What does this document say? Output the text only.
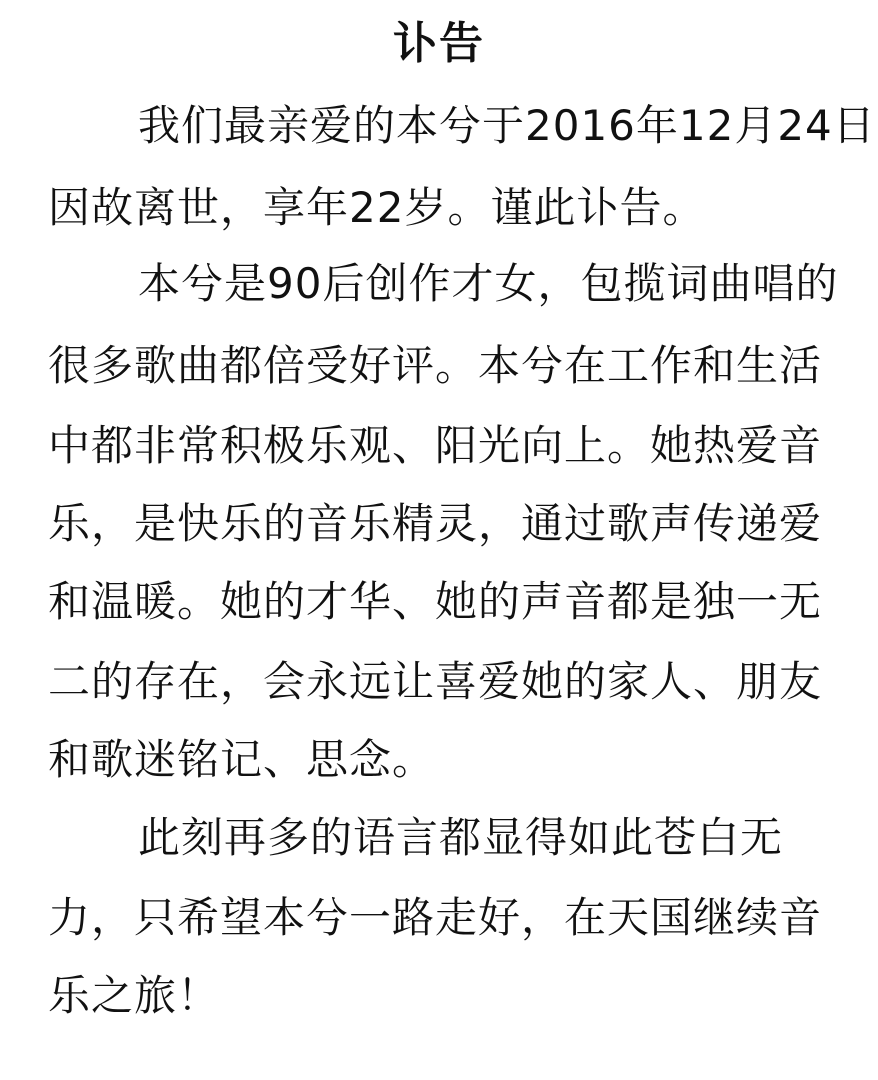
讣告
我们最亲爱的本兮于2016年12月24日
因故离世，享年22岁。谨此讣告。
本兮是90后创作才女，包揽词曲唱的
很多歌曲都倍受好评。本兮在工作和生活
中都非常积极乐观、阳光向上。她热爱音
乐，是快乐的音乐精灵，通过歌声传递爱
和温暖。她的才华、她的声音都是独一无
二的存在，会永远让喜爱她的家人、朋友
和歌迷铭记、思念。
此刻再多的语言都显得如此苍白无
力，只希望本兮一路走好，在天国继续音
乐之旅！
